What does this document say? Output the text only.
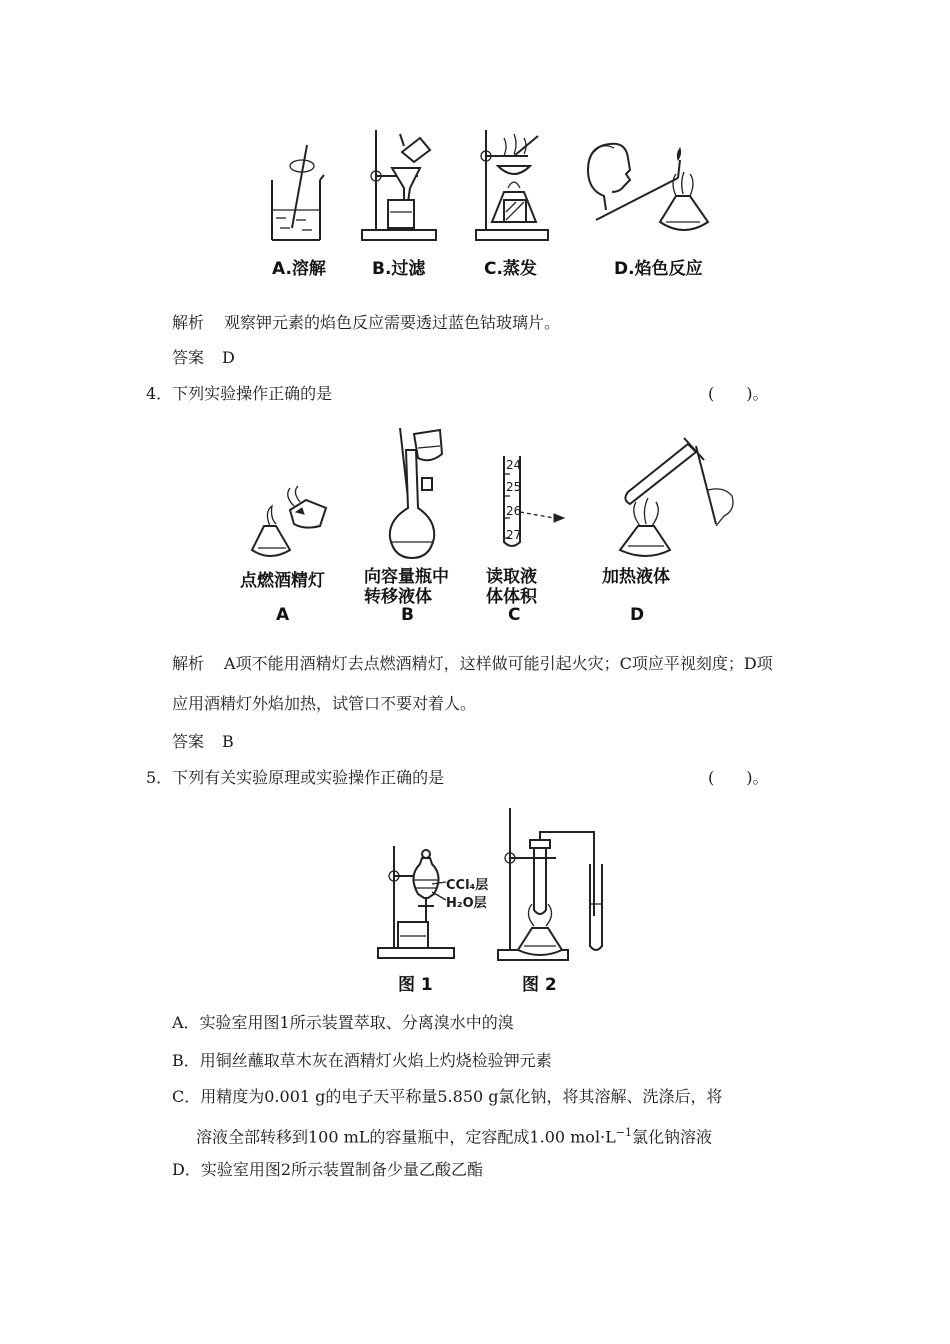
A.溶解	B.过滤	C.蒸发	D.焰色反应
解析 观察钾元素的焰色反应需要透过蓝色钴玻璃片。
答案 D
4．下列实验操作正确的是	(　　)。
24
25
26
27
点燃酒精灯 向容量瓶中
转移液体
读取液
体体积
加热液体
A	B	C	D
解析 A项不能用酒精灯去点燃酒精灯，这样做可能引起火灾；C项应平视刻度；D项
应用酒精灯外焰加热，试管口不要对着人。
答案 B
5．下列有关实验原理或实验操作正确的是	(　　)。
CCl₄层
H₂O层
图 1	图 2
A．实验室用图1所示装置萃取、分离溴水中的溴
B．用铜丝蘸取草木灰在酒精灯火焰上灼烧检验钾元素
C．用精度为0.001 g的电子天平称量5.850 g氯化钠，将其溶解、洗涤后，将
溶液全部转移到100 mL的容量瓶中，定容配成1.00 $mol\cdot L^{-1}$氯化钠溶液
D．实验室用图2所示装置制备少量乙酸乙酯
